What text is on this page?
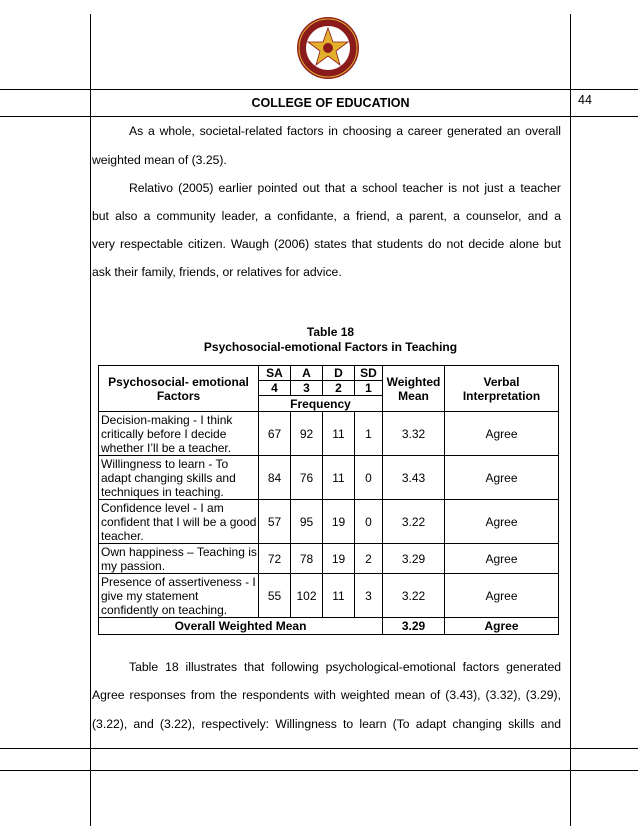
COLLEGE OF EDUCATION	44
As a whole, societal-related factors in choosing a career generated an overall
weighted mean of (3.25).
Relativo (2005) earlier pointed out that a school teacher is not just a teacher
but also a community leader, a confidante, a friend, a parent, a counselor, and a
very respectable citizen. Waugh (2006) states that students do not decide alone but
ask their family, friends, or relatives for advice.
Table 18
Psychosocial-emotional Factors in Teaching
Psychosocial- emotional Factors	SA	A	D	SD	Weighted Mean	Verbal Interpretation
	4	3	2	1		
	Frequency					
Decision-making - I think critically before I decide whether I’ll be a teacher.	67	92	11	1	3.32	Agree
Willingness to learn - To adapt changing skills and techniques in teaching.	84	76	11	0	3.43	Agree
Confidence level - I am confident that I will be a good teacher.	57	95	19	0	3.22	Agree
Own happiness – Teaching is my passion.	72	78	19	2	3.29	Agree
Presence of assertiveness - I give my statement confidently on teaching.	55	102	11	3	3.22	Agree
Overall Weighted Mean					3.29	Agree
Table 18 illustrates that following psychological-emotional factors generated
Agree responses from the respondents with weighted mean of (3.43), (3.32), (3.29),
(3.22), and (3.22), respectively: Willingness to learn (To adapt changing skills and
